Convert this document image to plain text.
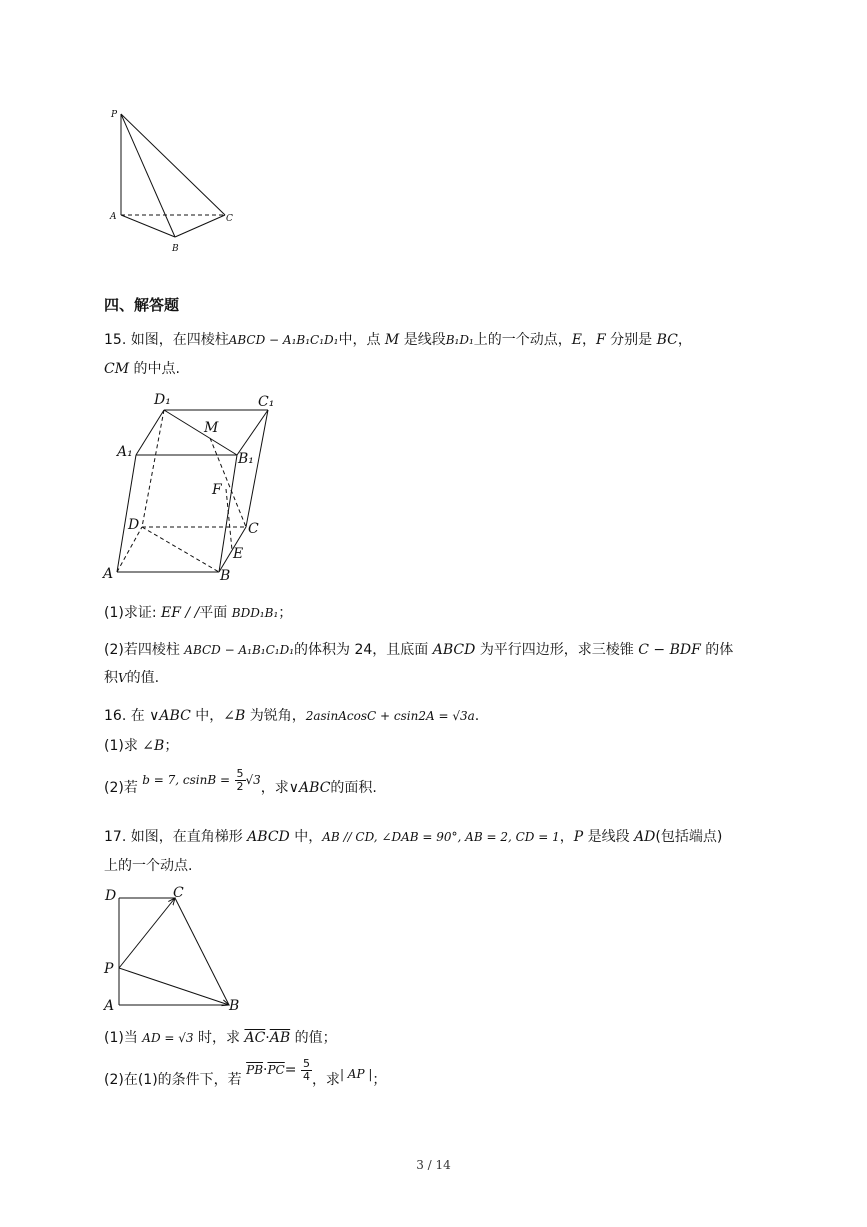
P
A
B
C
四、解答题
15. 如图，在四棱柱ABCD − A₁B₁C₁D₁中，点 M 是线段B₁D₁上的一个动点，E，F 分别是 BC，
CM 的中点.
D₁	C₁
A₁	B₁
M
F
D	C
E
A	B
(1)求证: EF / /平面 BDD₁B₁；
(2)若四棱柱 ABCD − A₁B₁C₁D₁的体积为 24，且底面 ABCD 为平行四边形，求三棱锥 C − BDF 的体
积V的值.
16. 在 ∨ABC 中，∠B 为锐角，2asinAcosC + csin2A = √3a.
(1)求 ∠B；
(2)若 b = 7, $csinB = \frac{5}{2} √3$，求∨ABC的面积.
17. 如图，在直角梯形 ABCD 中，AB // CD, ∠DAB = 90°, AB = 2, CD = 1，P 是线段 AD(包括端点)
上的一个动点.
D	C
P
A	B
(1)当 AD = √3 时，求 $\overline{AC}\cdot\overline{AB}$ 的值；
(2)在(1)的条件下，若 $\overline{PB}\cdot\overline{PC}= \frac{5}{4}$ ，求| AP |；
3 / 14
